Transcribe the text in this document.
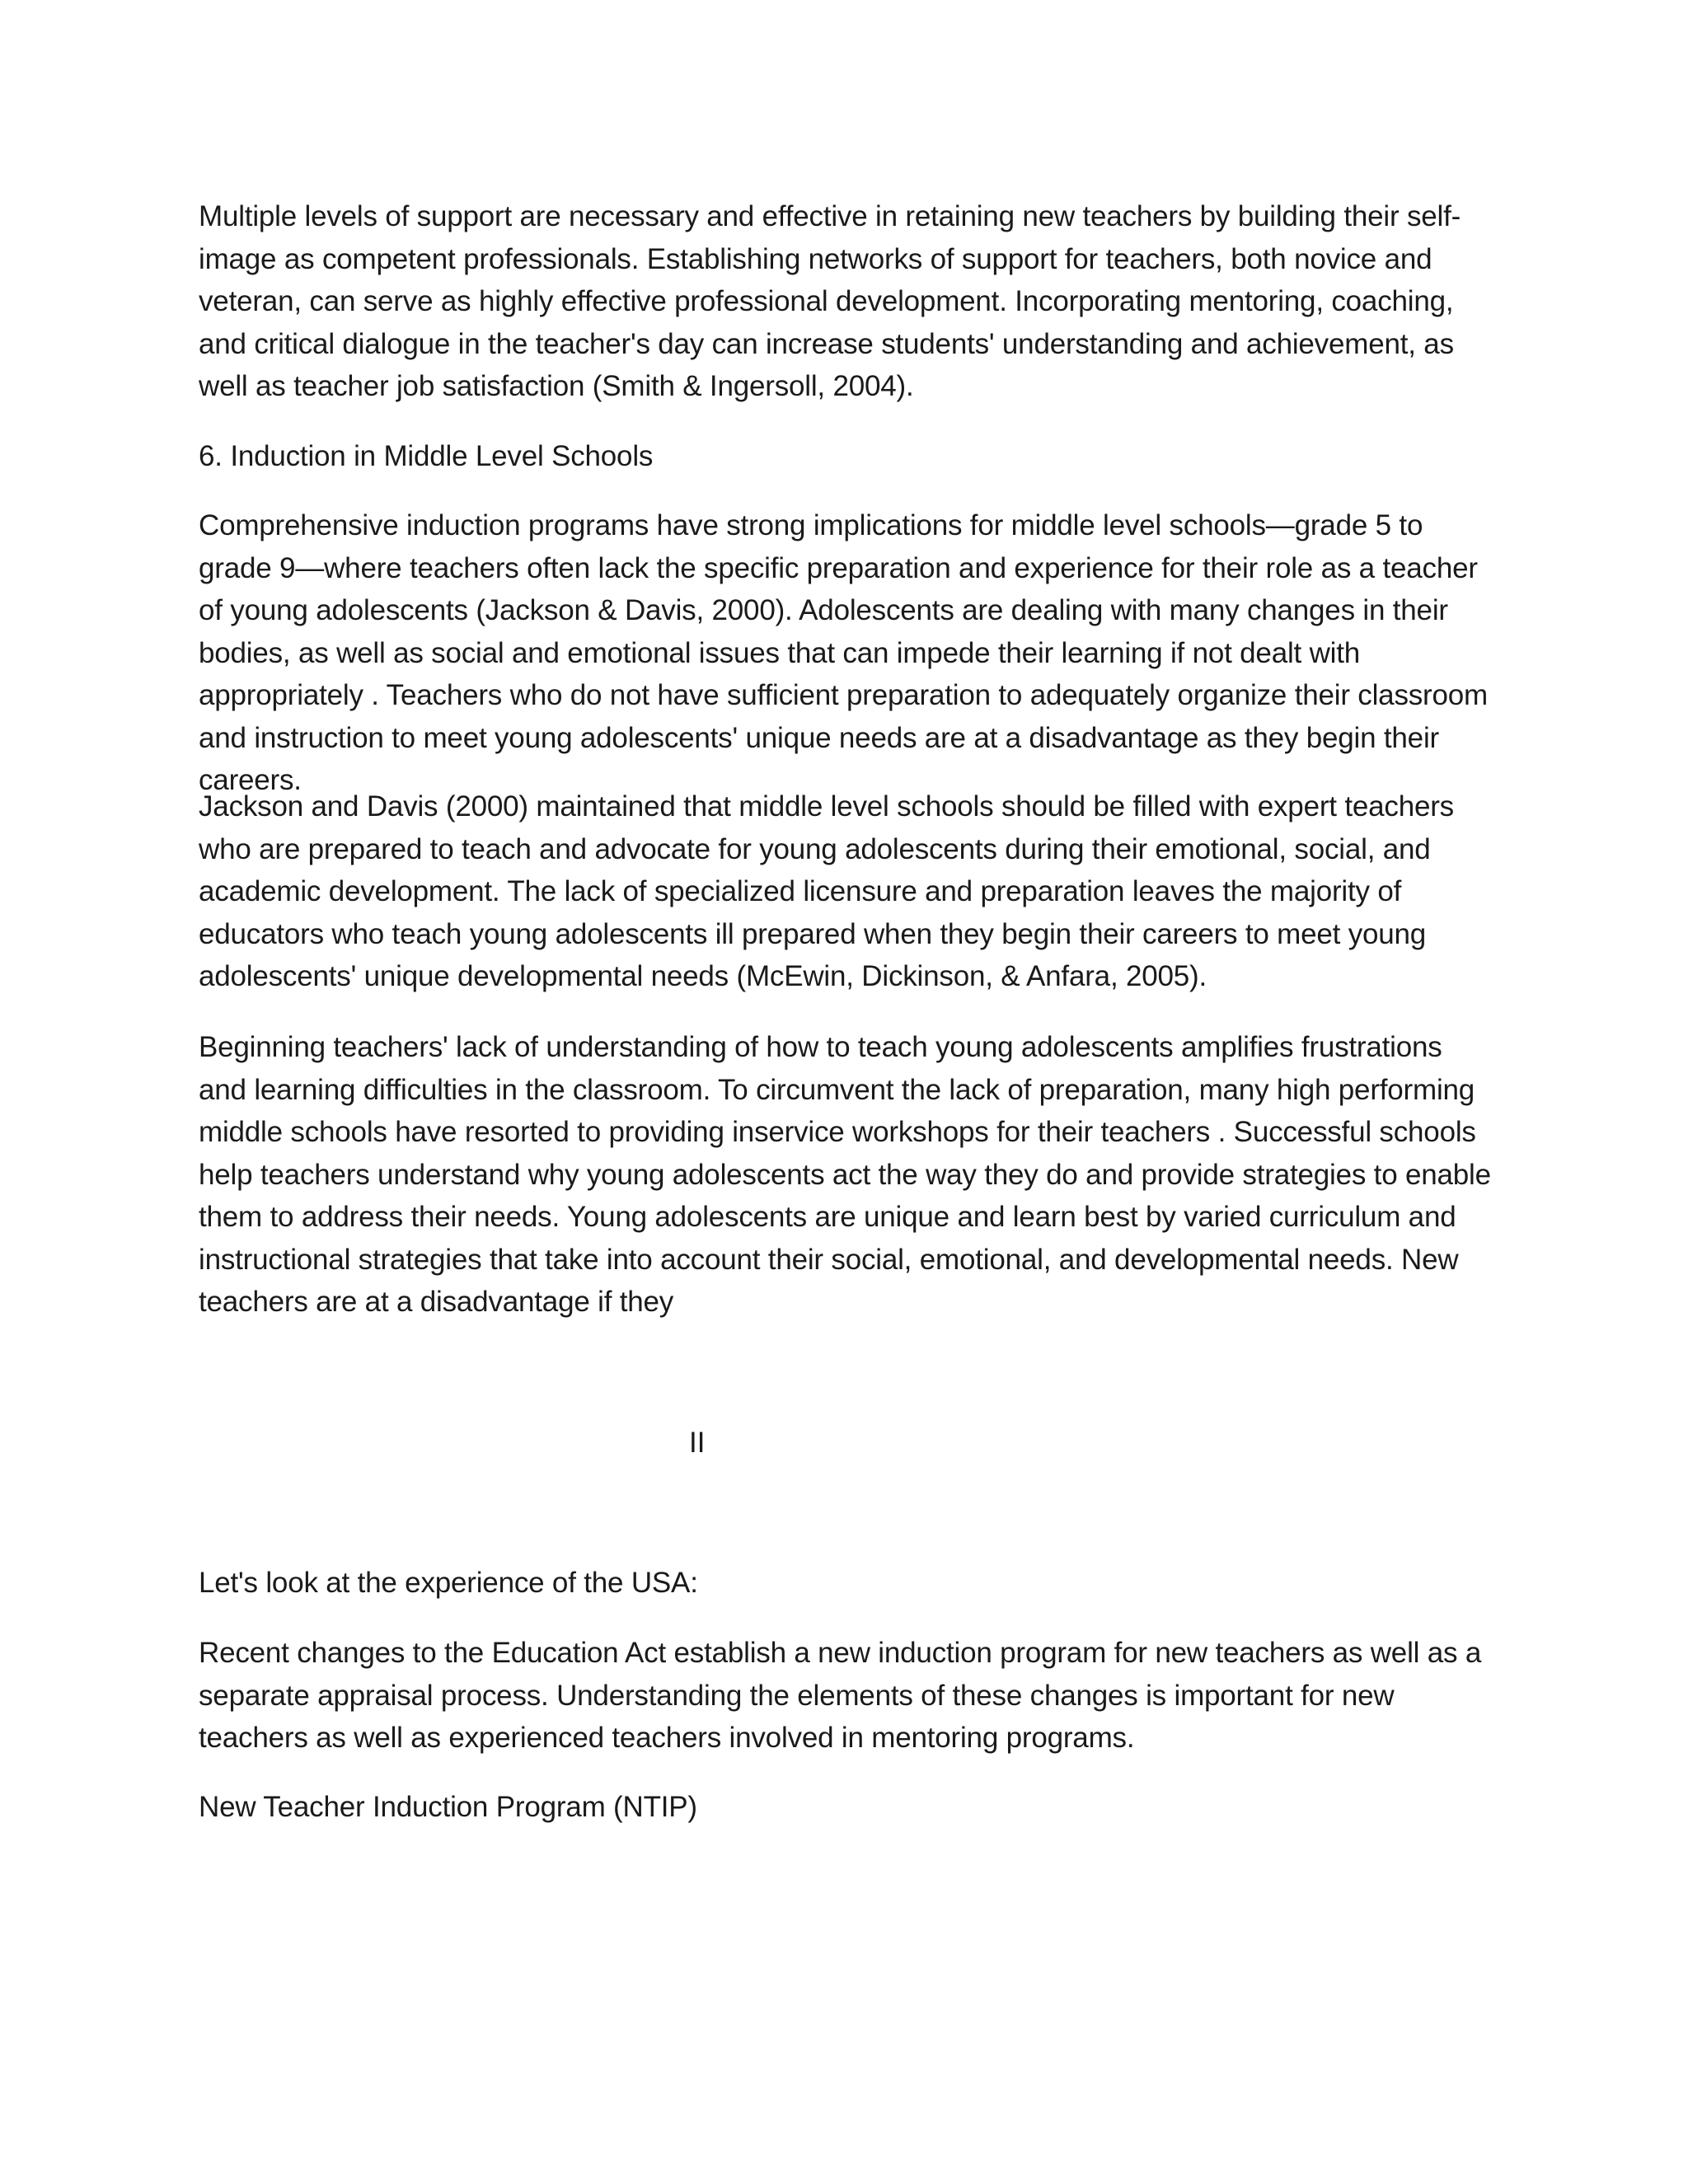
Multiple levels of support are necessary and effective in retaining new teachers by building their self-image as competent professionals. Establishing networks of support for teachers, both novice and veteran, can serve as highly effective professional development. Incorporating mentoring, coaching, and critical dialogue in the teacher's day can increase students' understanding and achievement, as well as teacher job satisfaction (Smith & Ingersoll, 2004).

6. Induction in Middle Level Schools

Comprehensive induction programs have strong implications for middle level schools—grade 5 to grade 9—where teachers often lack the specific preparation and experience for their role as a teacher of young adolescents (Jackson & Davis, 2000). Adolescents are dealing with many changes in their bodies, as well as social and emotional issues that can impede their learning if not dealt with appropriately . Teachers who do not have sufficient preparation to adequately organize their classroom and instruction to meet young adolescents' unique needs are at a disadvantage as they begin their careers.

Jackson and Davis (2000) maintained that middle level schools should be filled with expert teachers who are prepared to teach and advocate for young adolescents during their emotional, social, and academic development. The lack of specialized licensure and preparation leaves the majority of educators who teach young adolescents ill prepared when they begin their careers to meet young adolescents' unique developmental needs (McEwin, Dickinson, & Anfara, 2005).

Beginning teachers' lack of understanding of how to teach young adolescents amplifies frustrations and learning difficulties in the classroom. To circumvent the lack of preparation, many high performing middle schools have resorted to providing inservice workshops for their teachers . Successful schools help teachers understand why young adolescents act the way they do and provide strategies to enable them to address their needs. Young adolescents are unique and learn best by varied curriculum and instructional strategies that take into account their social, emotional, and developmental needs. New teachers are at a disadvantage if they

II

Let's look at the experience of the USA:

Recent changes to the Education Act establish a new induction program for new teachers as well as a separate appraisal process. Understanding the elements of these changes is important for new teachers as well as experienced teachers involved in mentoring programs.

New Teacher Induction Program (NTIP)
